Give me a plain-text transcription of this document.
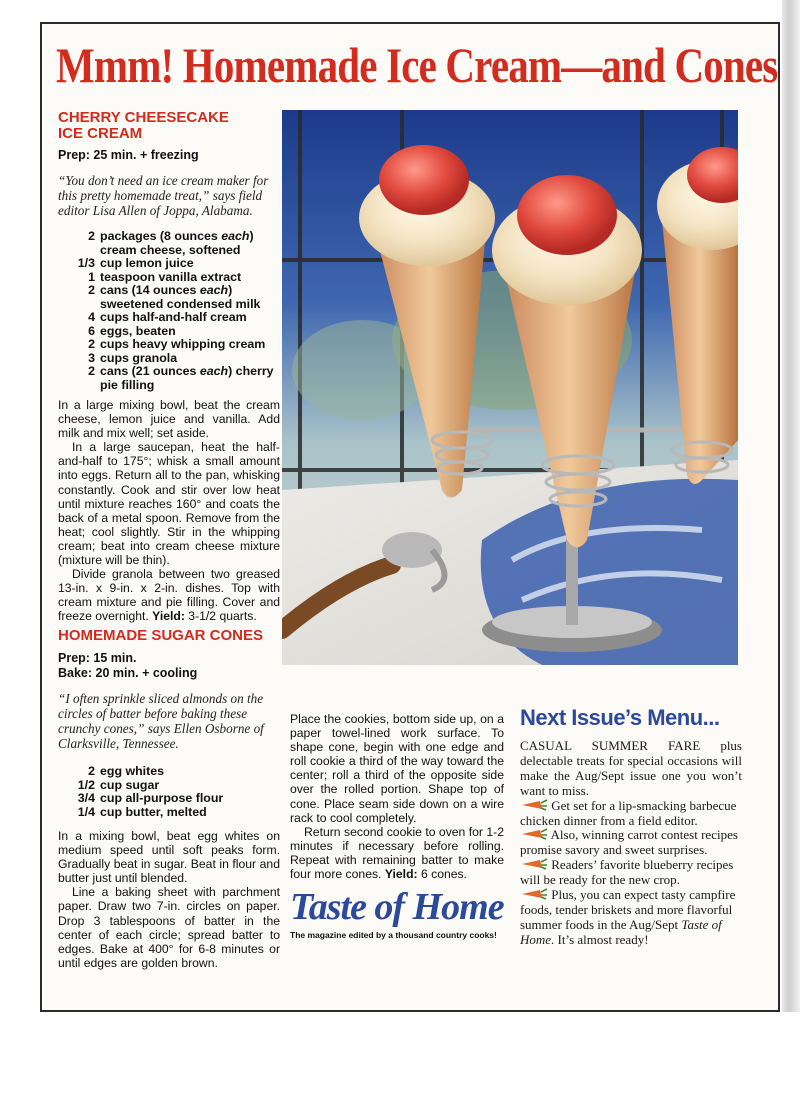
Mmm! Homemade Ice Cream—and Cones
CHERRY CHEESECAKE
ICE CREAM
Prep: 25 min. + freezing

“You don’t need an ice cream maker for this pretty homemade treat,” says field editor Lisa Allen of Joppa, Alabama.

2 packages (8 ounces each) cream cheese, softened
1/3 cup lemon juice
1 teaspoon vanilla extract
2 cans (14 ounces each) sweetened condensed milk
4 cups half-and-half cream
6 eggs, beaten
2 cups heavy whipping cream
3 cups granola
2 cans (21 ounces each) cherry pie filling

In a large mixing bowl, beat the cream cheese, lemon juice and vanilla. Add milk and mix well; set aside.

In a large saucepan, heat the half-and-half to 175°; whisk a small amount into eggs. Return all to the pan, whisking constantly. Cook and stir over low heat until mixture reaches 160° and coats the back of a metal spoon. Remove from the heat; cool slightly. Stir in the whipping cream; beat into cream cheese mixture (mixture will be thin).

Divide granola between two greased 13-in. x 9-in. x 2-in. dishes. Top with cream mixture and pie filling. Cover and freeze overnight. Yield: 3-1/2 quarts.

HOMEMADE SUGAR CONES
Prep: 15 min.
Bake: 20 min. + cooling

“I often sprinkle sliced almonds on the circles of batter before baking these crunchy cones,” says Ellen Osborne of Clarksville, Tennessee.

2 egg whites
1/2 cup sugar
3/4 cup all-purpose flour
1/4 cup butter, melted

In a mixing bowl, beat egg whites on medium speed until soft peaks form. Gradually beat in sugar. Beat in flour and butter just until blended.

Line a baking sheet with parchment paper. Draw two 7-in. circles on paper. Drop 3 tablespoons of batter in the center of each circle; spread batter to edges. Bake at 400° for 6-8 minutes or until edges are golden brown.

Place the cookies, bottom side up, on a paper towel-lined work surface. To shape cone, begin with one edge and roll cookie a third of the way toward the center; roll a third of the opposite side over the rolled portion. Shape top of cone. Place seam side down on a wire rack to cool completely.

Return second cookie to oven for 1-2 minutes if necessary before rolling. Repeat with remaining batter to make four more cones. Yield: 6 cones.

Taste of Home
The magazine edited by a thousand country cooks!
Next Issue’s Menu...

CASUAL SUMMER FARE plus delectable treats for special occasions will make the Aug/Sept issue one you won’t want to miss.

Get set for a lip-smacking barbecue chicken dinner from a field editor.

Also, winning carrot contest recipes promise savory and sweet surprises.

Readers’ favorite blueberry recipes will be ready for the new crop.

Plus, you can expect tasty campfire foods, tender briskets and more flavorful summer foods in the Aug/Sept Taste of Home. It’s almost ready!
